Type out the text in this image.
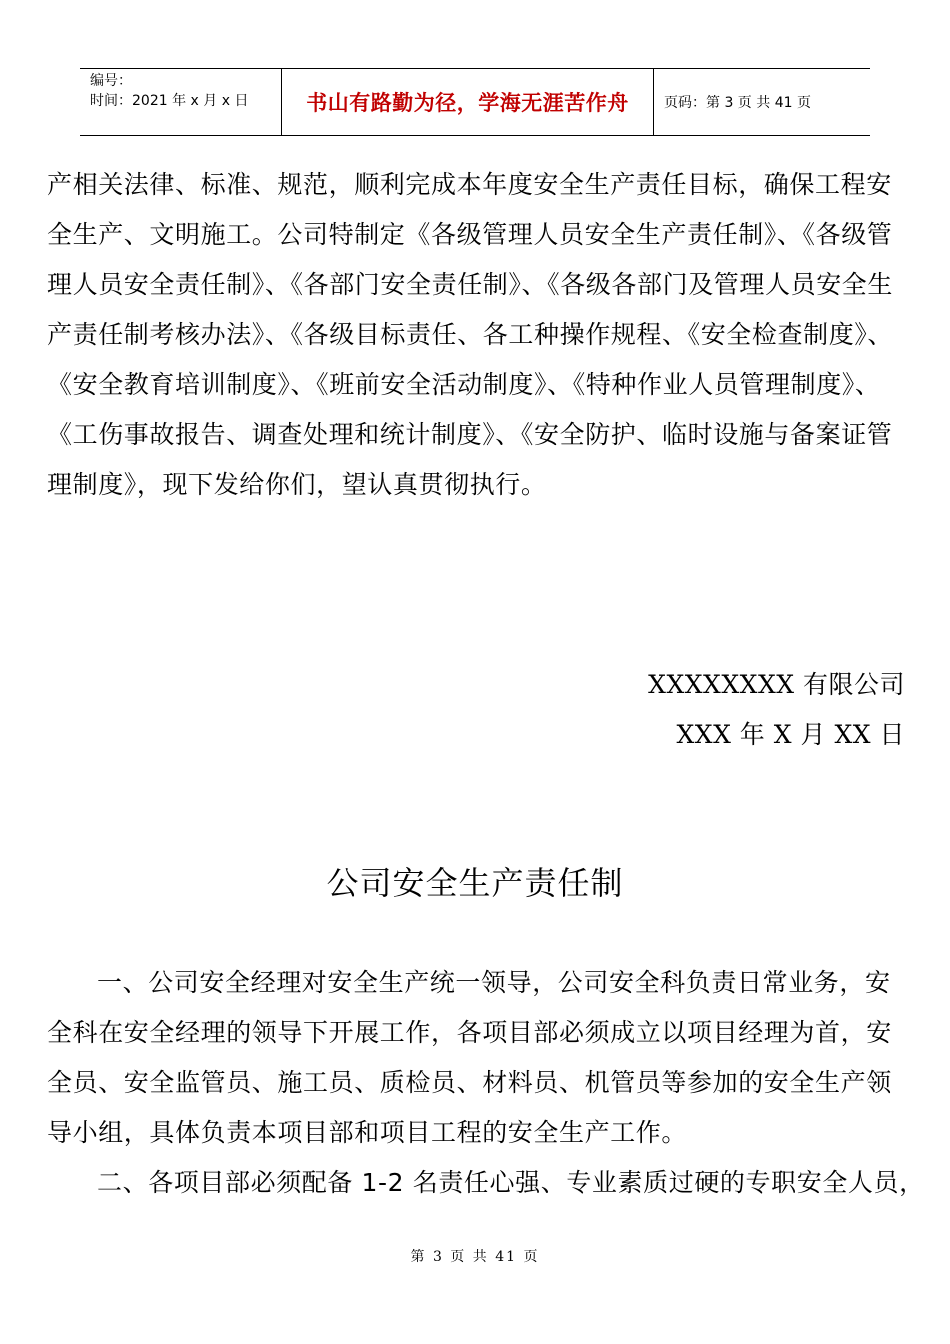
编号：
时间：2021 年 x 月 x 日	书山有路勤为径，学海无涯苦作舟	页码：第 3 页 共 41 页

产相关法律、标准、规范，顺利完成本年度安全生产责任目标，确保工程安全生产、文明施工。公司特制定《各级管理人员安全生产责任制》、《各级管理人员安全责任制》、《各部门安全责任制》、《各级各部门及管理人员安全生产责任制考核办法》、《各级目标责任、各工种操作规程、《安全检查制度》、《安全教育培训制度》、《班前安全活动制度》、《特种作业人员管理制度》、《工伤事故报告、调查处理和统计制度》、《安全防护、临时设施与备案证管理制度》，现下发给你们，望认真贯彻执行。

XXXXXXXX 有限公司
XXX 年 X 月 XX 日
公司安全生产责任制

一、公司安全经理对安全生产统一领导，公司安全科负责日常业务，安全科在安全经理的领导下开展工作，各项目部必须成立以项目经理为首，安全员、安全监管员、施工员、质检员、材料员、机管员等参加的安全生产领导小组，具体负责本项目部和项目工程的安全生产工作。

二、各项目部必须配备 1-2 名责任心强、专业素质过硬的专职安全人员，

第 3 页 共 41 页
